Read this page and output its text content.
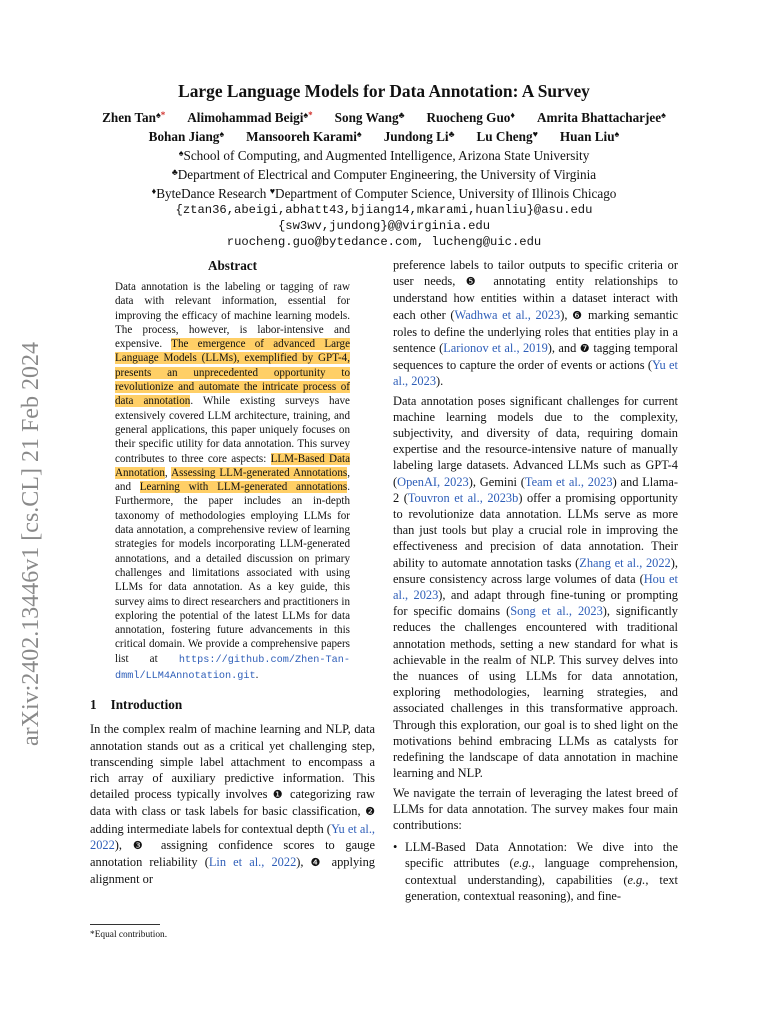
arXiv:2402.13446v1 [cs.CL] 21 Feb 2024
Large Language Models for Data Annotation: A Survey
Zhen Tan♠* Alimohammad Beigi♠* Song Wang♣ Ruocheng Guo♦ Amrita Bhattacharjee♠
Bohan Jiang♠ Mansooreh Karami♠ Jundong Li♣ Lu Cheng♥ Huan Liu♠
♠School of Computing, and Augmented Intelligence, Arizona State University
♣Department of Electrical and Computer Engineering, the University of Virginia
♦ByteDance Research ♥Department of Computer Science, University of Illinois Chicago
{ztan36,abeigi,abhatt43,bjiang14,mkarami,huanliu}@asu.edu
{sw3wv,jundong}@@virginia.edu
ruocheng.guo@bytedance.com, lucheng@uic.edu
Abstract

Data annotation is the labeling or tagging of raw data with relevant information, essential for improving the efficacy of machine learning models. The process, however, is labor-intensive and expensive. The emergence of advanced Large Language Models (LLMs), exemplified by GPT-4, presents an unprecedented opportunity to revolutionize and automate the intricate process of data annotation. While existing surveys have extensively covered LLM architecture, training, and general applications, this paper uniquely focuses on their specific utility for data annotation. This survey contributes to three core aspects: LLM-Based Data Annotation, Assessing LLM-generated Annotations, and Learning with LLM-generated annotations. Furthermore, the paper includes an in-depth taxonomy of methodologies employing LLMs for data annotation, a comprehensive review of learning strategies for models incorporating LLM-generated annotations, and a detailed discussion on primary challenges and limitations associated with using LLMs for data annotation. As a key guide, this survey aims to direct researchers and practitioners in exploring the potential of the latest LLMs for data annotation, fostering future advancements in this critical domain. We provide a comprehensive papers list at https://github.com/Zhen-Tan-dmml/LLM4Annotation.git.

1 Introduction

In the complex realm of machine learning and NLP, data annotation stands out as a critical yet challenging step, transcending simple label attachment to encompass a rich array of auxiliary predictive information. This detailed process typically involves ❶ categorizing raw data with class or task labels for basic classification, ❷ adding intermediate labels for contextual depth (Yu et al., 2022), ❸ assigning confidence scores to gauge annotation reliability (Lin et al., 2022), ❹ applying alignment or

*Equal contribution.

preference labels to tailor outputs to specific criteria or user needs, ❺ annotating entity relationships to understand how entities within a dataset interact with each other (Wadhwa et al., 2023), ❻ marking semantic roles to define the underlying roles that entities play in a sentence (Larionov et al., 2019), and ❼ tagging temporal sequences to capture the order of events or actions (Yu et al., 2023).

Data annotation poses significant challenges for current machine learning models due to the complexity, subjectivity, and diversity of data, requiring domain expertise and the resource-intensive nature of manually labeling large datasets. Advanced LLMs such as GPT-4 (OpenAI, 2023), Gemini (Team et al., 2023) and Llama-2 (Touvron et al., 2023b) offer a promising opportunity to revolutionize data annotation. LLMs serve as more than just tools but play a crucial role in improving the effectiveness and precision of data annotation. Their ability to automate annotation tasks (Zhang et al., 2022), ensure consistency across large volumes of data (Hou et al., 2023), and adapt through fine-tuning or prompting for specific domains (Song et al., 2023), significantly reduces the challenges encountered with traditional annotation methods, setting a new standard for what is achievable in the realm of NLP. This survey delves into the nuances of using LLMs for data annotation, exploring methodologies, learning strategies, and associated challenges in this transformative approach. Through this exploration, our goal is to shed light on the motivations behind embracing LLMs as catalysts for redefining the landscape of data annotation in machine learning and NLP.

We navigate the terrain of leveraging the latest breed of LLMs for data annotation. The survey makes four main contributions:

• LLM-Based Data Annotation: We dive into the specific attributes (e.g., language comprehension, contextual understanding), capabilities (e.g., text generation, contextual reasoning), and fine-
